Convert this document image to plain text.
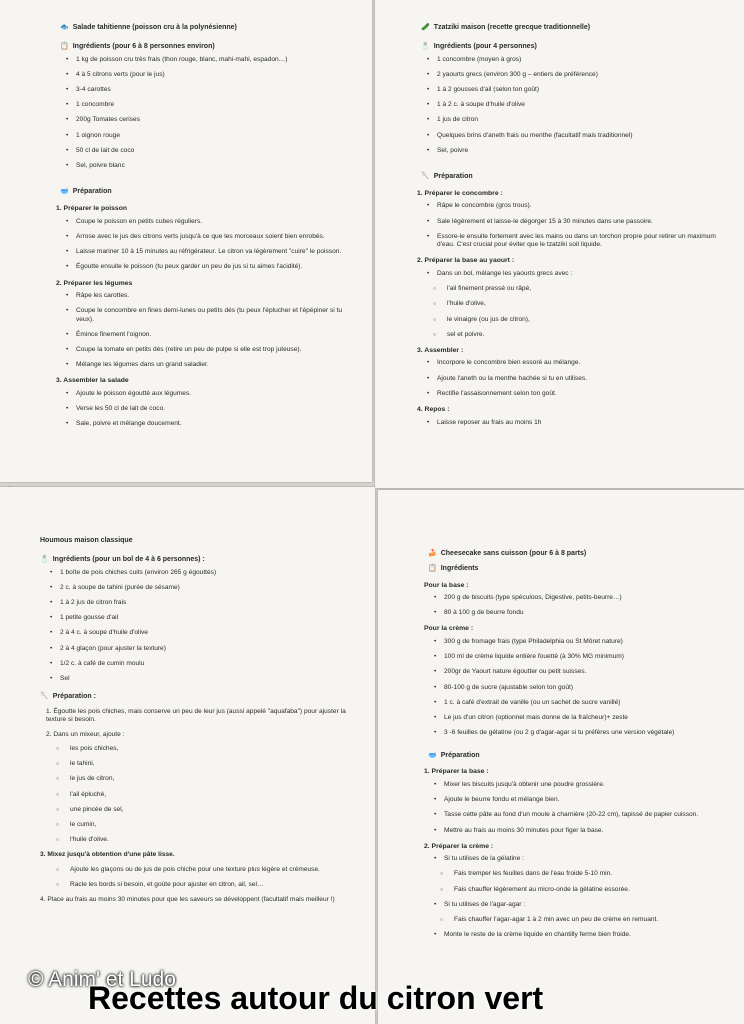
🐟 Salade tahitienne (poisson cru à la polynésienne)
📋 Ingrédients (pour 6 à 8 personnes environ)
• 1 kg de poisson cru très frais (thon rouge, blanc, mahi-mahi, espadon…)
• 4 à 5 citrons verts (pour le jus)
• 3-4 carottes
• 1 concombre
• 200g Tomates cerises
• 1 oignon rouge
• 50 cl de lait de coco
• Sel, poivre blanc
🥣 Préparation
1. Préparer le poisson
• Coupe le poisson en petits cubes réguliers.
• Arrose avec le jus des citrons verts jusqu'à ce que les morceaux soient bien enrobés.
• Laisse mariner 10 à 15 minutes au réfrigérateur. Le citron va légèrement "cuire" le poisson.
• Égoutte ensuite le poisson (tu peux garder un peu de jus si tu aimes l'acidité).
2. Préparer les légumes
• Râpe les carottes.
• Coupe le concombre en fines demi-lunes ou petits dés (tu peux l'éplucher et l'épépiner si tu veux).
• Émince finement l'oignon.
• Coupe la tomate en petits dés (retire un peu de pulpe si elle est trop juteuse).
• Mélange les légumes dans un grand saladier.
3. Assembler la salade
• Ajoute le poisson égoutté aux légumes.
• Verse les 50 cl de lait de coco.
• Sale, poivre et mélange doucement.
🥒 Tzatziki maison (recette grecque traditionnelle)
🧂 Ingrédients (pour 4 personnes)
• 1 concombre (moyen à gros)
• 2 yaourts grecs (environ 300 g – entiers de préférence)
• 1 à 2 gousses d'ail (selon ton goût)
• 1 à 2 c. à soupe d'huile d'olive
• 1 jus de citron
• Quelques brins d'aneth frais ou menthe (facultatif mais traditionnel)
• Sel, poivre
🥄 Préparation
1. Préparer le concombre :
• Râpe le concombre (gros trous).
• Sale légèrement et laisse-le dégorger 15 à 30 minutes dans une passoire.
• Essore-le ensuite fortement avec les mains ou dans un torchon propre pour retirer un maximum d'eau. C'est crucial pour éviter que le tzatziki soit liquide.
2. Préparer la base au yaourt :
• Dans un bol, mélange les yaourts grecs avec :
○ l'ail finement pressé ou râpé,
○ l'huile d'olive,
○ le vinaigre (ou jus de citron),
○ sel et poivre.
3. Assembler :
• Incorpore le concombre bien essoré au mélange.
• Ajoute l'aneth ou la menthe hachée si tu en utilises.
• Rectifie l'assaisonnement selon ton goût.
4. Repos :
• Laisse reposer au frais au moins 1h
Houmous maison classique
🧂 Ingrédients (pour un bol de 4 à 6 personnes) :
• 1 boîte de pois chiches cuits (environ 265 g égouttés)
• 2 c. à soupe de tahini (purée de sésame)
• 1 à 2 jus de citron frais
• 1 petite gousse d'ail
• 2 à 4 c. à soupe d'huile d'olive
• 2 à 4 glaçon (pour ajuster la texture)
• 1/2 c. à café de cumin moulu
• Sel
🥄 Préparation :
1. Égoutte les pois chiches, mais conserve un peu de leur jus (aussi appelé "aquafaba") pour ajuster la texture si besoin.
2. Dans un mixeur, ajoute :
○ les pois chiches,
○ le tahini,
○ le jus de citron,
○ l'ail épluché,
○ une pincée de sel,
○ le cumin,
○ l'huile d'olive.
3. Mixez jusqu'à obtention d'une pâte lisse.
○ Ajoute les glaçons ou de jus de pois chiche pour une texture plus légère et crémeuse.
○ Racle les bords si besoin, et goûte pour ajuster en citron, ail, sel…
4. Place au frais au moins 30 minutes pour que les saveurs se développent (facultatif mais meilleur !)
🍰 Cheesecake sans cuisson (pour 6 à 8 parts)
📋 Ingrédients
Pour la base :
• 200 g de biscuits (type spéculoos, Digestive, petits-beurre…)
• 80 à 100 g de beurre fondu
Pour la crème :
• 300 g de fromage frais (type Philadelphia ou St Môret nature)
• 100 ml de crème liquide entière fouetté (à 30% MG minimum)
• 200gr de Yaourt nature égoutter ou petit suisses.
• 80-100 g de sucre (ajustable selon ton goût)
• 1 c. à café d'extrait de vanille (ou un sachet de sucre vanillé)
• Le jus d'un citron (optionnel mais donne de la fraîcheur)+ zeste
• 3 -6 feuilles de gélatine (ou 2 g d'agar-agar si tu préfères une version végétale)
🥣 Préparation
1. Préparer la base :
• Mixer les biscuits jusqu'à obtenir une poudre grossière.
• Ajoute le beurre fondu et mélange bien.
• Tasse cette pâte au fond d'un moule à charnière (20-22 cm), tapissé de papier cuisson.
• Mettre au frais au moins 30 minutes pour figer la base.
2. Préparer la crème :
• Si tu utilises de la gélatine :
○ Fais tremper les feuilles dans de l'eau froide 5-10 min.
○ Fais chauffer légèrement au micro-onde la gélatine essorée.
• Si tu utilises de l'agar-agar :
○ Fais chauffer l'agar-agar 1 à 2 min avec un peu de crème en remuant.
• Monte le reste de la crème liquide en chantilly ferme bien froide.
© Anim' et Ludo
Recettes autour du citron vert
